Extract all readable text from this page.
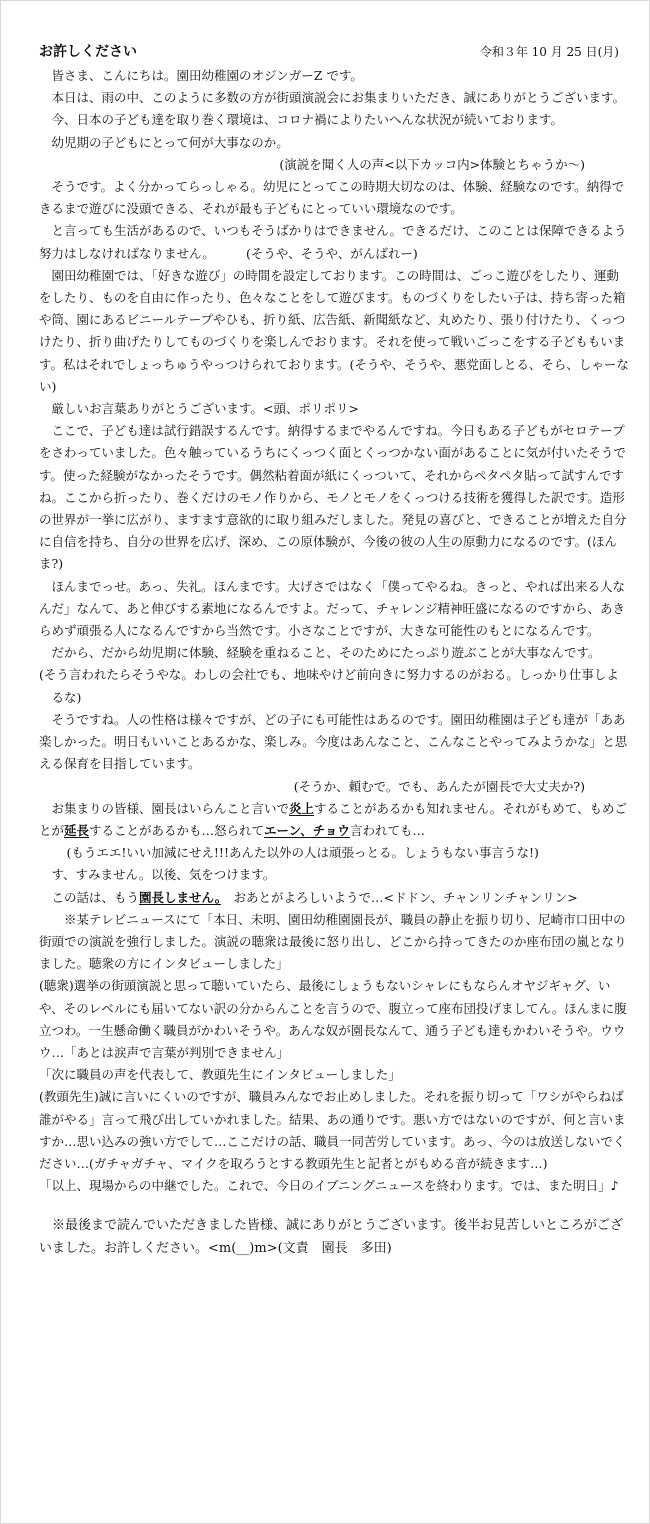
お許しください	令和３年 10 月 25 日(月)

皆さま、こんにちは。園田幼稚園のオジンガーZ です。

本日は、雨の中、このように多数の方が街頭演説会にお集まりいただき、誠にありがとうございます。

今、日本の子ども達を取り巻く環境は、コロナ禍によりたいへんな状況が続いております。

幼児期の子どもにとって何が大事なのか。

(演説を聞く人の声<以下カッコ内>体験とちゃうか〜)

そうです。よく分かってらっしゃる。幼児にとってこの時期大切なのは、体験、経験なのです。納得できるまで遊びに没頭できる、それが最も子どもにとっていい環境なのです。

と言っても生活があるので、いつもそうばかりはできません。できるだけ、このことは保障できるよう努力はしなければなりません。　　　(そうや、そうや、がんばれー)

園田幼稚園では、「好きな遊び」の時間を設定しております。この時間は、ごっこ遊びをしたり、運動をしたり、ものを自由に作ったり、色々なことをして遊びます。ものづくりをしたい子は、持ち寄った箱や筒、園にあるビニールテープやひも、折り紙、広告紙、新聞紙など、丸めたり、張り付けたり、くっつけたり、折り曲げたりしてものづくりを楽しんでおります。それを使って戦いごっこをする子どももいます。私はそれでしょっちゅうやっつけられております。(そうや、そうや、悪党面しとる、そら、しゃーない)

厳しいお言葉ありがとうございます。<頭、ポリポリ>

ここで、子ども達は試行錯誤するんです。納得するまでやるんですね。今日もある子どもがセロテープをさわっていました。色々触っているうちにくっつく面とくっつかない面があることに気が付いたそうです。使った経験がなかったそうです。偶然粘着面が紙にくっついて、それからペタペタ貼って試すんですね。ここから折ったり、巻くだけのモノ作りから、モノとモノをくっつける技術を獲得した訳です。造形の世界が一挙に広がり、ますます意欲的に取り組みだしました。発見の喜びと、できることが増えた自分に自信を持ち、自分の世界を広げ、深め、この原体験が、今後の彼の人生の原動力になるのです。(ほんま?)

ほんまでっせ。あっ、失礼。ほんまです。大げさではなく「僕ってやるね。きっと、やれば出来る人なんだ」なんて、あと伸びする素地になるんですよ。だって、チャレンジ精神旺盛になるのですから、あきらめず頑張る人になるんですから当然です。小さなことですが、大きな可能性のもとになるんです。

だから、だから幼児期に体験、経験を重ねること、そのためにたっぷり遊ぶことが大事なんです。

(そう言われたらそうやな。わしの会社でも、地味やけど前向きに努力するのがおる。しっかり仕事しよるな)

そうですね。人の性格は様々ですが、どの子にも可能性はあるのです。園田幼稚園は子ども達が「ああ楽しかった。明日もいいことあるかな、楽しみ。今度はあんなこと、こんなことやってみようかな」と思える保育を目指しています。

(そうか、頼むで。でも、あんたが園長で大丈夫か?)

お集まりの皆様、園長はいらんこと言いで炎上することがあるかも知れません。それがもめて、もめごとが延長することがあるかも…怒られてエーン、チョウ言われても…

(もうエエ!いい加減にせえ!!!あんた以外の人は頑張っとる。しょうもない事言うな!)

す、すみません。以後、気をつけます。

この話は、もう園長しません。　おあとがよろしいようで…<ドドン、チャンリンチャンリン>

※某テレビニュースにて「本日、未明、園田幼稚園園長が、職員の静止を振り切り、尼崎市口田中の街頭での演説を強行しました。演説の聴衆は最後に怒り出し、どこから持ってきたのか座布団の嵐となりました。聴衆の方にインタビューしました」

(聴衆)選挙の街頭演説と思って聴いていたら、最後にしょうもないシャレにもならんオヤジギャグ、いや、そのレベルにも届いてない訳の分からんことを言うので、腹立って座布団投げましてん。ほんまに腹立つわ。一生懸命働く職員がかわいそうや。あんな奴が園長なんて、通う子ども達もかわいそうや。ウウウ…「あとは涙声で言葉が判別できません」

「次に職員の声を代表して、教頭先生にインタビューしました」

(教頭先生)誠に言いにくいのですが、職員みんなでお止めしました。それを振り切って「ワシがやらねば誰がやる」言って飛び出していかれました。結果、あの通りです。悪い方ではないのですが、何と言いますか…思い込みの強い方でして…ここだけの話、職員一同苦労しています。あっ、今のは放送しないでください…(ガチャガチャ、マイクを取ろうとする教頭先生と記者とがもめる音が続きます…)

「以上、現場からの中継でした。これで、今日のイブニングニュースを終わります。では、また明日」♪

※最後まで読んでいただきました皆様、誠にありがとうございます。後半お見苦しいところがございました。お許しください。<m(__)m>(文責　園長　多田)
